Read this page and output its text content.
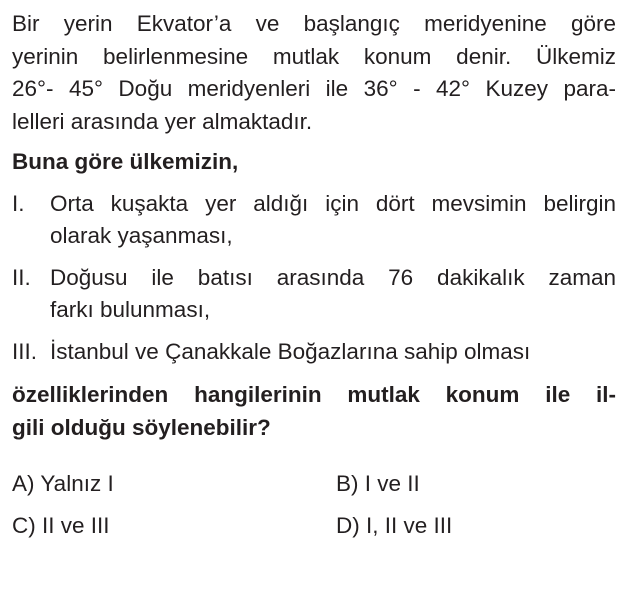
Bir yerin Ekvator’a ve başlangıç meridyenine göre
yerinin belirlenmesine mutlak konum denir. Ülkemiz
26°- 45° Doğu meridyenleri ile 36° - 42° Kuzey para-
lelleri arasında yer almaktadır.
Buna göre ülkemizin,
I. Orta kuşakta yer aldığı için dört mevsimin belirgin
olarak yaşanması,
II. Doğusu ile batısı arasında 76 dakikalık zaman
farkı bulunması,
III. İstanbul ve Çanakkale Boğazlarına sahip olması
özelliklerinden hangilerinin mutlak konum ile il-
gili olduğu söylenebilir?
A) Yalnız I	B) I ve II
C) II ve III	D) I, II ve III
